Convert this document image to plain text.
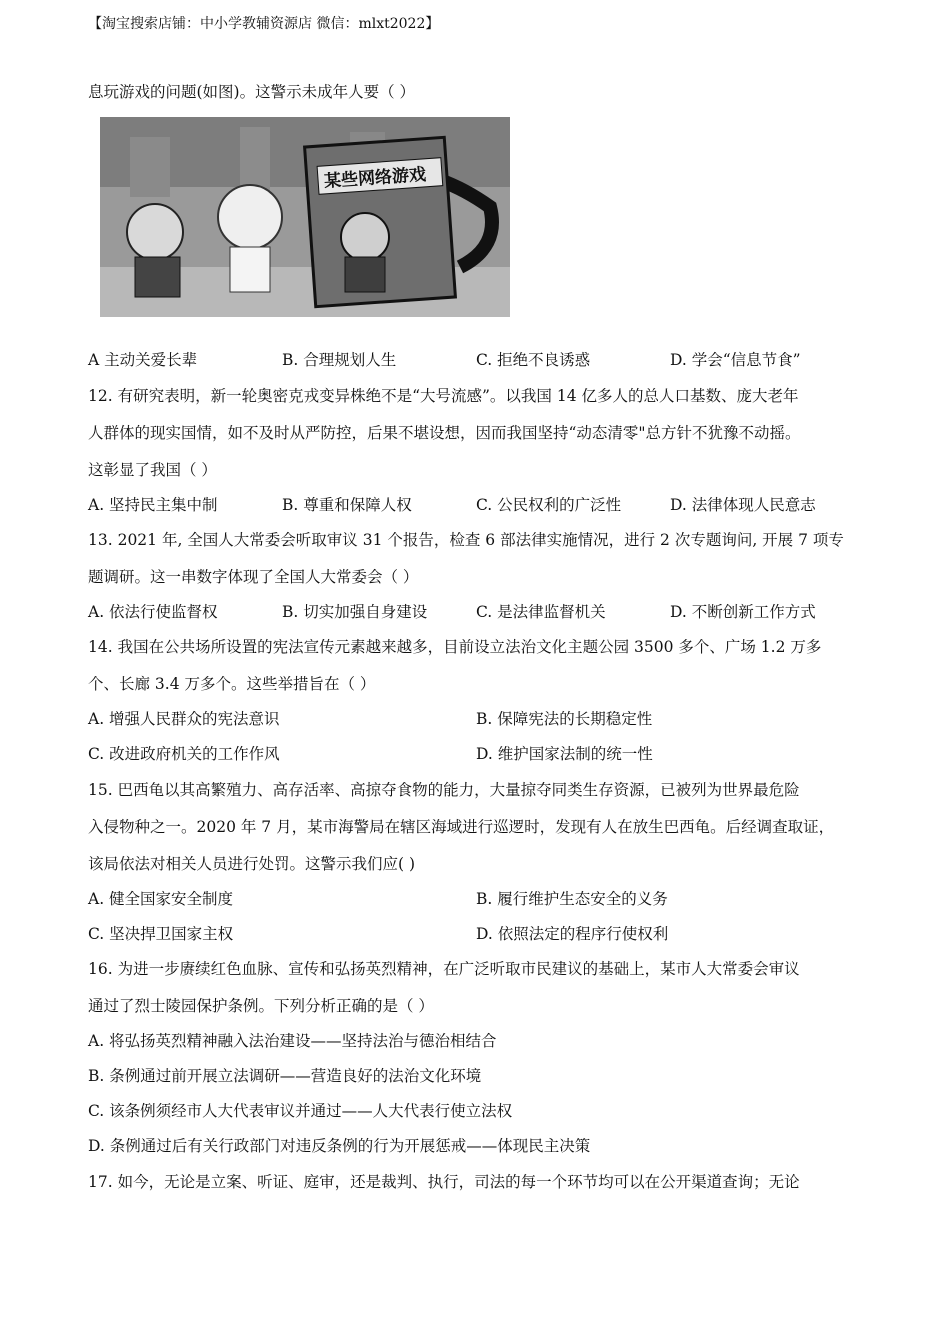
【淘宝搜索店铺：中小学教辅资源店 微信：mlxt2022】
息玩游戏的问题(如图)。这警示未成年人要（ ）
某些网络游戏
A 主动关爱长辈	B. 合理规划人生	C. 拒绝不良诱惑	D. 学会“信息节食”
12. 有研究表明，新一轮奥密克戎变异株绝不是“大号流感”。以我国 14 亿多人的总人口基数、庞大老年
人群体的现实国情，如不及时从严防控，后果不堪设想，因而我国坚持“动态清零"总方针不犹豫不动摇。
这彰显了我国（ ）
A. 坚持民主集中制	B. 尊重和保障人权	C. 公民权利的广泛性	D. 法律体现人民意志
13. 2021 年, 全国人大常委会听取审议 31 个报告，检查 6 部法律实施情况，进行 2 次专题询问, 开展 7 项专
题调研。这一串数字体现了全国人大常委会（ ）
A. 依法行使监督权	B. 切实加强自身建设	C. 是法律监督机关	D. 不断创新工作方式
14. 我国在公共场所设置的宪法宣传元素越来越多，目前设立法治文化主题公园 3500 多个、广场 1.2 万多
个、长廊 3.4 万多个。这些举措旨在（ ）
A. 增强人民群众的宪法意识	B. 保障宪法的长期稳定性
C. 改进政府机关的工作作风	D. 维护国家法制的统一性
15. 巴西龟以其高繁殖力、高存活率、高掠夺食物的能力，大量掠夺同类生存资源，已被列为世界最危险
入侵物种之一。2020 年 7 月，某市海警局在辖区海域进行巡逻时，发现有人在放生巴西龟。后经调查取证，
该局依法对相关人员进行处罚。这警示我们应( )
A. 健全国家安全制度	B. 履行维护生态安全的义务
C. 坚决捍卫国家主权	D. 依照法定的程序行使权利
16. 为进一步赓续红色血脉、宣传和弘扬英烈精神，在广泛听取市民建议的基础上，某市人大常委会审议
通过了烈士陵园保护条例。下列分析正确的是（ ）
A. 将弘扬英烈精神融入法治建设——坚持法治与德治相结合
B. 条例通过前开展立法调研——营造良好的法治文化环境
C. 该条例须经市人大代表审议并通过——人大代表行使立法权
D. 条例通过后有关行政部门对违反条例的行为开展惩戒——体现民主决策
17. 如今，无论是立案、听证、庭审，还是裁判、执行，司法的每一个环节均可以在公开渠道查询；无论
